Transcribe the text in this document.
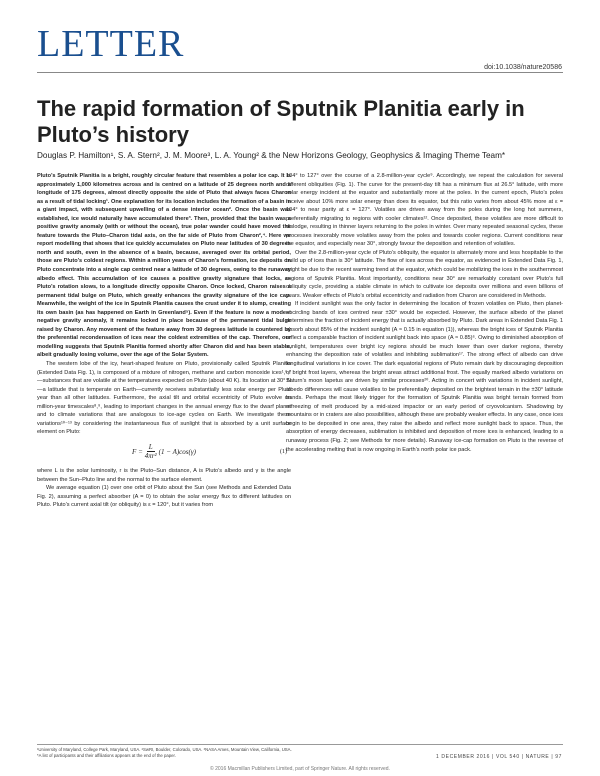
LETTER
doi:10.1038/nature20586
The rapid formation of Sputnik Planitia early in Pluto’s history
Douglas P. Hamilton¹, S. A. Stern², J. M. Moore³, L. A. Young² & the New Horizons Geology, Geophysics & Imaging Theme Team*

Pluto’s Sputnik Planitia is a bright, roughly circular feature that resembles a polar ice cap. It is approximately 1,000 kilometres across and is centred on a latitude of 25 degrees north and a longitude of 175 degrees, almost directly opposite the side of Pluto that always faces Charon as a result of tidal locking¹. One explanation for its location includes the formation of a basin in a giant impact, with subsequent upwelling of a dense interior ocean². Once the basin was established, ice would naturally have accumulated there³. Then, provided that the basin was a positive gravity anomaly (with or without the ocean), true polar wander could have moved the feature towards the Pluto–Charon tidal axis, on the far side of Pluto from Charon²,⁴. Here we report modelling that shows that ice quickly accumulates on Pluto near latitudes of 30 degrees north and south, even in the absence of a basin, because, averaged over its orbital period, those are Pluto’s coldest regions. Within a million years of Charon’s formation, ice deposits on Pluto concentrate into a single cap centred near a latitude of 30 degrees, owing to the runaway albedo effect. This accumulation of ice causes a positive gravity signature that locks, as Pluto’s rotation slows, to a longitude directly opposite Charon. Once locked, Charon raises a permanent tidal bulge on Pluto, which greatly enhances the gravity signature of the ice cap. Meanwhile, the weight of the ice in Sputnik Planitia causes the crust under it to slump, creating its own basin (as has happened on Earth in Greenland⁵). Even if the feature is now a modest negative gravity anomaly, it remains locked in place because of the permanent tidal bulge raised by Charon. Any movement of the feature away from 30 degrees latitude is countered by the preferential recondensation of ices near the coldest extremities of the cap. Therefore, our modelling suggests that Sputnik Planitia formed shortly after Charon did and has been stable, albeit gradually losing volume, over the age of the Solar System.

The western lobe of the icy, heart-shaped feature on Pluto, provisionally called Sputnik Planitia (Extended Data Fig. 1), is composed of a mixture of nitrogen, methane and carbon monoxide ices¹,⁶,⁷—substances that are volatile at the temperatures expected on Pluto (about 40 K). Its location at 30° N—a latitude that is temperate on Earth—currently receives substantially less solar energy per Pluto year than all other latitudes. Furthermore, the axial tilt and orbital eccentricity of Pluto evolve on million-year timescales⁸,⁹, leading to important changes in the annual energy flux to the dwarf planet and to climate variations that are analogous to ice-age cycles on Earth. We investigate these variations¹⁰⁻¹³ by considering the instantaneous flux of sunlight that is absorbed by a unit surface element on Pluto:

$F = \frac{L}{\text{4πr²}} (1 - A)\cos(\gamma)$	(1)

where L is the solar luminosity, r is the Pluto–Sun distance, A is Pluto’s albedo and γ is the angle between the Sun–Pluto line and the normal to the surface element.

We average equation (1) over one orbit of Pluto about the Sun (see Methods and Extended Data Fig. 2), assuming a perfect absorber (A = 0) to obtain the solar energy flux to different latitudes on Pluto. Pluto’s current axial tilt (or obliquity) is ε = 120°, but it varies from

104° to 127° over the course of a 2.8-million-year cycle⁹. Accordingly, we repeat the calculation for several different obliquities (Fig. 1). The curve for the present-day tilt has a minimum flux at 26.5° latitude, with more solar energy incident at the equator and substantially more at the poles. In the current epoch, Pluto’s poles receive about 10% more solar energy than does its equator, but this ratio varies from about 45% more at ε = 104° to near parity at ε = 127°. Volatiles are driven away from the poles during the long hot summers, preferentially migrating to regions with cooler climates¹². Once deposited, these volatiles are more difficult to dislodge, resulting in thinner layers returning to the poles in winter. Over many repeated seasonal cycles, these processes inexorably move volatiles away from the poles and towards cooler regions. Current conditions near the equator, and especially near 30°, strongly favour the deposition and retention of volatiles.

Over the 2.8-million-year cycle of Pluto’s obliquity, the equator is alternately more and less hospitable to the build up of ices than is 30° latitude. The flow of ices across the equator, as evidenced in Extended Data Fig. 1, might be due to the recent warming trend at the equator, which could be mobilizing the ices in the southernmost regions of Sputnik Planitia. Most importantly, conditions near 30° are remarkably constant over Pluto’s full obliquity cycle, providing a stable climate in which to cultivate ice deposits over millions and even billions of years. Weaker effects of Pluto’s orbital eccentricity and radiation from Charon are considered in Methods.

If incident sunlight was the only factor in determining the location of frozen volatiles on Pluto, then planet-encircling bands of ices centred near ±30° would be expected. However, the surface albedo of the planet determines the fraction of incident energy that is actually absorbed by Pluto. Dark areas in Extended Data Fig. 1 absorb about 85% of the incident sunlight (A ≈ 0.15 in equation (1)), whereas the bright ices of Sputnik Planitia reflect a comparable fraction of incident sunlight back into space (A ≈ 0.85)⁶. Owing to diminished absorption of sunlight, temperatures over bright icy regions should be much lower than over darker regions, thereby enhancing the deposition rate of volatiles and inhibiting sublimation¹⁷. The strong effect of albedo can drive longitudinal variations in ice cover. The dark equatorial regions of Pluto remain dark by discouraging deposition of bright frost layers, whereas the bright areas attract additional frost. The equally marked albedo variations on Saturn’s moon Iapetus are driven by similar processes²⁰. Acting in concert with variations in incident sunlight, albedo differences will cause volatiles to be preferentially deposited on the brightest terrain in the ±30° latitude bands. Perhaps the most likely trigger for the formation of Sputnik Planitia was bright terrain formed from refreezing of melt produced by a mid-sized impactor or an early period of cryovolcanism. Shadowing by mountains or in craters are also possibilities, although these are probably weaker effects. In any case, once ices begin to be deposited in one area, they raise the albedo and reflect more sunlight back to space. Thus, the absorption of energy decreases, sublimation is inhibited and deposition of more ices is enhanced, leading to a runaway process (Fig. 2; see Methods for more details). Runaway ice-cap formation on Pluto is the reverse of the accelerating melting that is now ongoing in Earth’s north polar ice pack.

¹University of Maryland, College Park, Maryland, USA. ²SwRI, Boulder, Colorado, USA. ³NASA Ames, Mountain View, California, USA.

*A list of participants and their affiliations appears at the end of the paper.	1 DECEMBER 2016 | VOL 540 | NATURE | 97
© 2016 Macmillan Publishers Limited, part of Springer Nature. All rights reserved.
